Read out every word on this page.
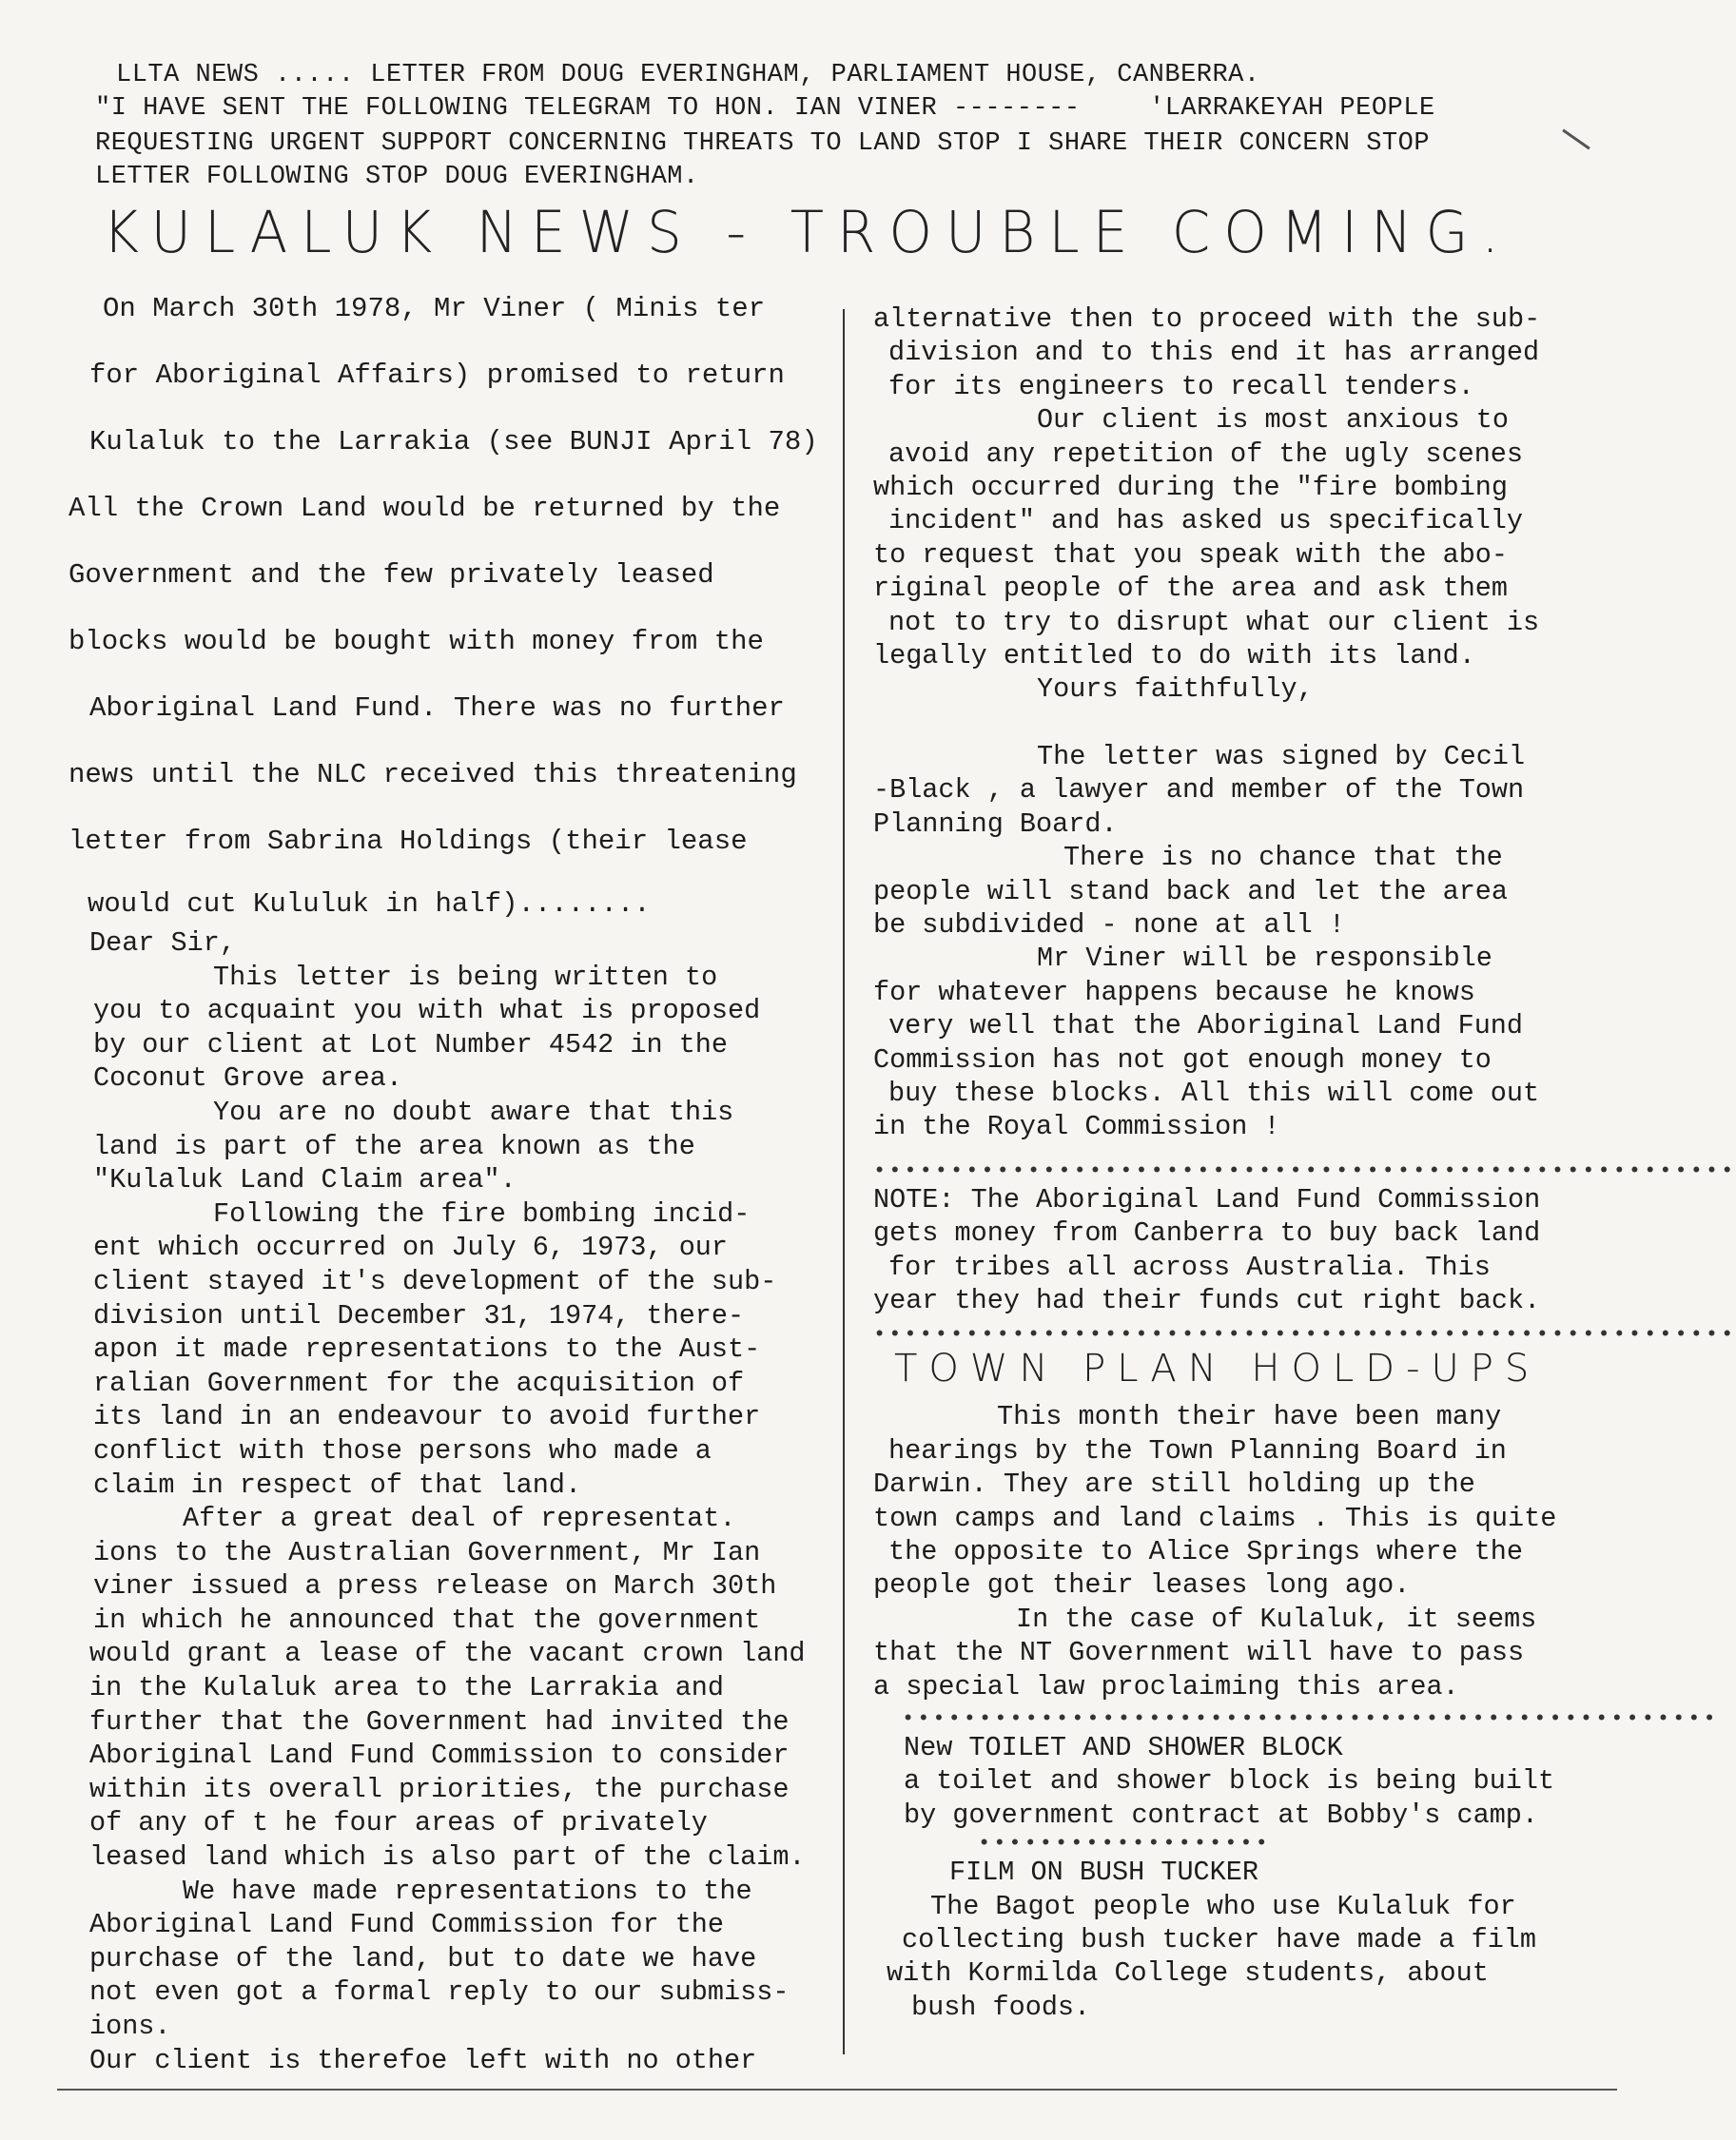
LLTA NEWS ..... LETTER FROM DOUG EVERINGHAM, PARLIAMENT HOUSE, CANBERRA.
"I HAVE SENT THE FOLLOWING TELEGRAM TO HON. IAN VINER --------	'LARRAKEYAH PEOPLE
REQUESTING URGENT SUPPORT CONCERNING THREATS TO LAND STOP I SHARE THEIR CONCERN STOP
LETTER FOLLOWING STOP DOUG EVERINGHAM.
KULALUK NEWS - TROUBLE COMING.

On March 30th 1978, Mr Viner ( Minis ter

for Aboriginal Affairs) promised to return

Kulaluk to the Larrakia (see BUNJI April 78)

All the Crown Land would be returned by the

Government and the few privately leased

blocks would be bought with money from the

Aboriginal Land Fund. There was no further

news until the NLC received this threatening

letter from Sabrina Holdings (their lease

would cut Kululuk in half)........

Dear Sir,

This letter is being written to

you to acquaint you with what is proposed

by our client at Lot Number 4542 in the

Coconut Grove area.

You are no doubt aware that this

land is part of the area known as the

"Kulaluk Land Claim area".

Following the fire bombing incid-

ent which occurred on July 6, 1973, our

client stayed it's development of the sub-

division until December 31, 1974, there-

apon it made representations to the Aust-

ralian Government for the acquisition of

its land in an endeavour to avoid further

conflict with those persons who made a

claim in respect of that land.

After a great deal of representat.

ions to the Australian Government, Mr Ian

viner issued a press release on March 30th

in which he announced that the government

would grant a lease of the vacant crown land

in the Kulaluk area to the Larrakia and

further that the Government had invited the

Aboriginal Land Fund Commission to consider

within its overall priorities, the purchase

of any of t he four areas of privately

leased land which is also part of the claim.

We have made representations to the

Aboriginal Land Fund Commission for the

purchase of the land, but to date we have

not even got a formal reply to our submiss-

ions.

Our client is therefoe left with no other

alternative then to proceed with the sub-

division and to this end it has arranged

for its engineers to recall tenders.

Our client is most anxious to

avoid any repetition of the ugly scenes

which occurred during the "fire bombing

incident" and has asked us specifically

to request that you speak with the abo-

riginal people of the area and ask them

not to try to disrupt what our client is

legally entitled to do with its land.

Yours faithfully,

The letter was signed by Cecil

-Black , a lawyer and member of the Town

Planning Board.

There is no chance that the

people will stand back and let the area

be subdivided - none at all !

Mr Viner will be responsible

for whatever happens because he knows

very well that the Aboriginal Land Fund

Commission has not got enough money to

buy these blocks. All this will come out

in the Royal Commission !

••••••••••••••••••••••••••••••••••••••••••••••••••••••••

NOTE: The Aboriginal Land Fund Commission

gets money from Canberra to buy back land

for tribes all across Australia. This

year they had their funds cut right back.

••••••••••••••••••••••••••••••••••••••••••••••••••••••••
TOWN PLAN HOLD-UPS

This month their have been many

hearings by the Town Planning Board in

Darwin. They are still holding up the

town camps and land claims . This is quite

the opposite to Alice Springs where the

people got their leases long ago.

In the case of Kulaluk, it seems

that the NT Government will have to pass

a special law proclaiming this area.

•••••••••••••••••••••••••••••••••••••••••••••••••••••

New TOILET AND SHOWER BLOCK

a toilet and shower block is being built

by government contract at Bobby's camp.

•••••••••••••••••••

FILM ON BUSH TUCKER

The Bagot people who use Kulaluk for

collecting bush tucker have made a film

with Kormilda College students, about

bush foods.
